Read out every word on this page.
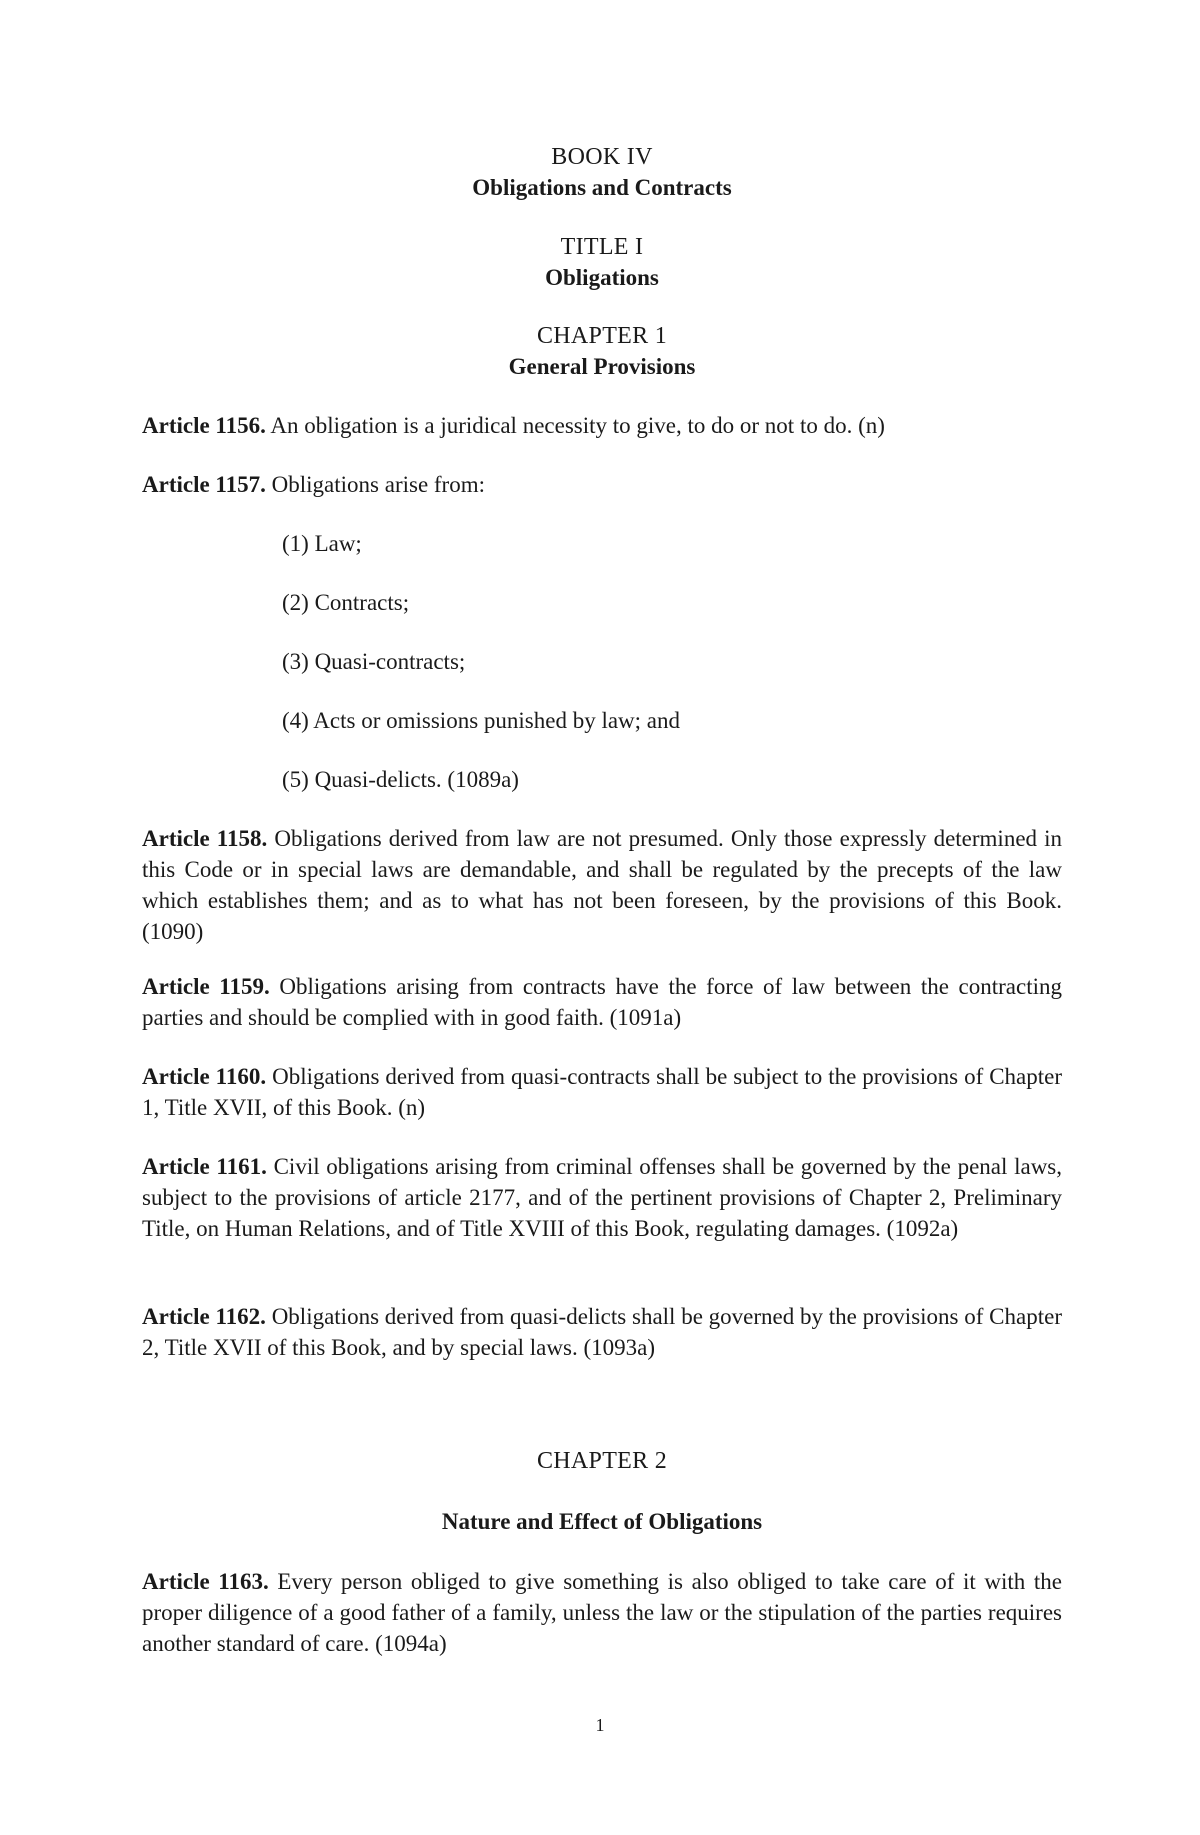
BOOK IV
Obligations and Contracts
TITLE I
Obligations
CHAPTER 1
General Provisions
Article 1156. An obligation is a juridical necessity to give, to do or not to do. (n)
Article 1157. Obligations arise from:
(1) Law;
(2) Contracts;
(3) Quasi-contracts;
(4) Acts or omissions punished by law; and
(5) Quasi-delicts. (1089a)
Article 1158. Obligations derived from law are not presumed. Only those expressly determined in this Code or in special laws are demandable, and shall be regulated by the precepts of the law which establishes them; and as to what has not been foreseen, by the provisions of this Book. (1090)
Article 1159. Obligations arising from contracts have the force of law between the contracting parties and should be complied with in good faith. (1091a)
Article 1160. Obligations derived from quasi-contracts shall be subject to the provisions of Chapter 1, Title XVII, of this Book. (n)
Article 1161. Civil obligations arising from criminal offenses shall be governed by the penal laws, subject to the provisions of article 2177, and of the pertinent provisions of Chapter 2, Preliminary Title, on Human Relations, and of Title XVIII of this Book, regulating damages. (1092a)
Article 1162. Obligations derived from quasi-delicts shall be governed by the provisions of Chapter 2, Title XVII of this Book, and by special laws. (1093a)
CHAPTER 2
Nature and Effect of Obligations
Article 1163. Every person obliged to give something is also obliged to take care of it with the proper diligence of a good father of a family, unless the law or the stipulation of the parties requires another standard of care. (1094a)
1
